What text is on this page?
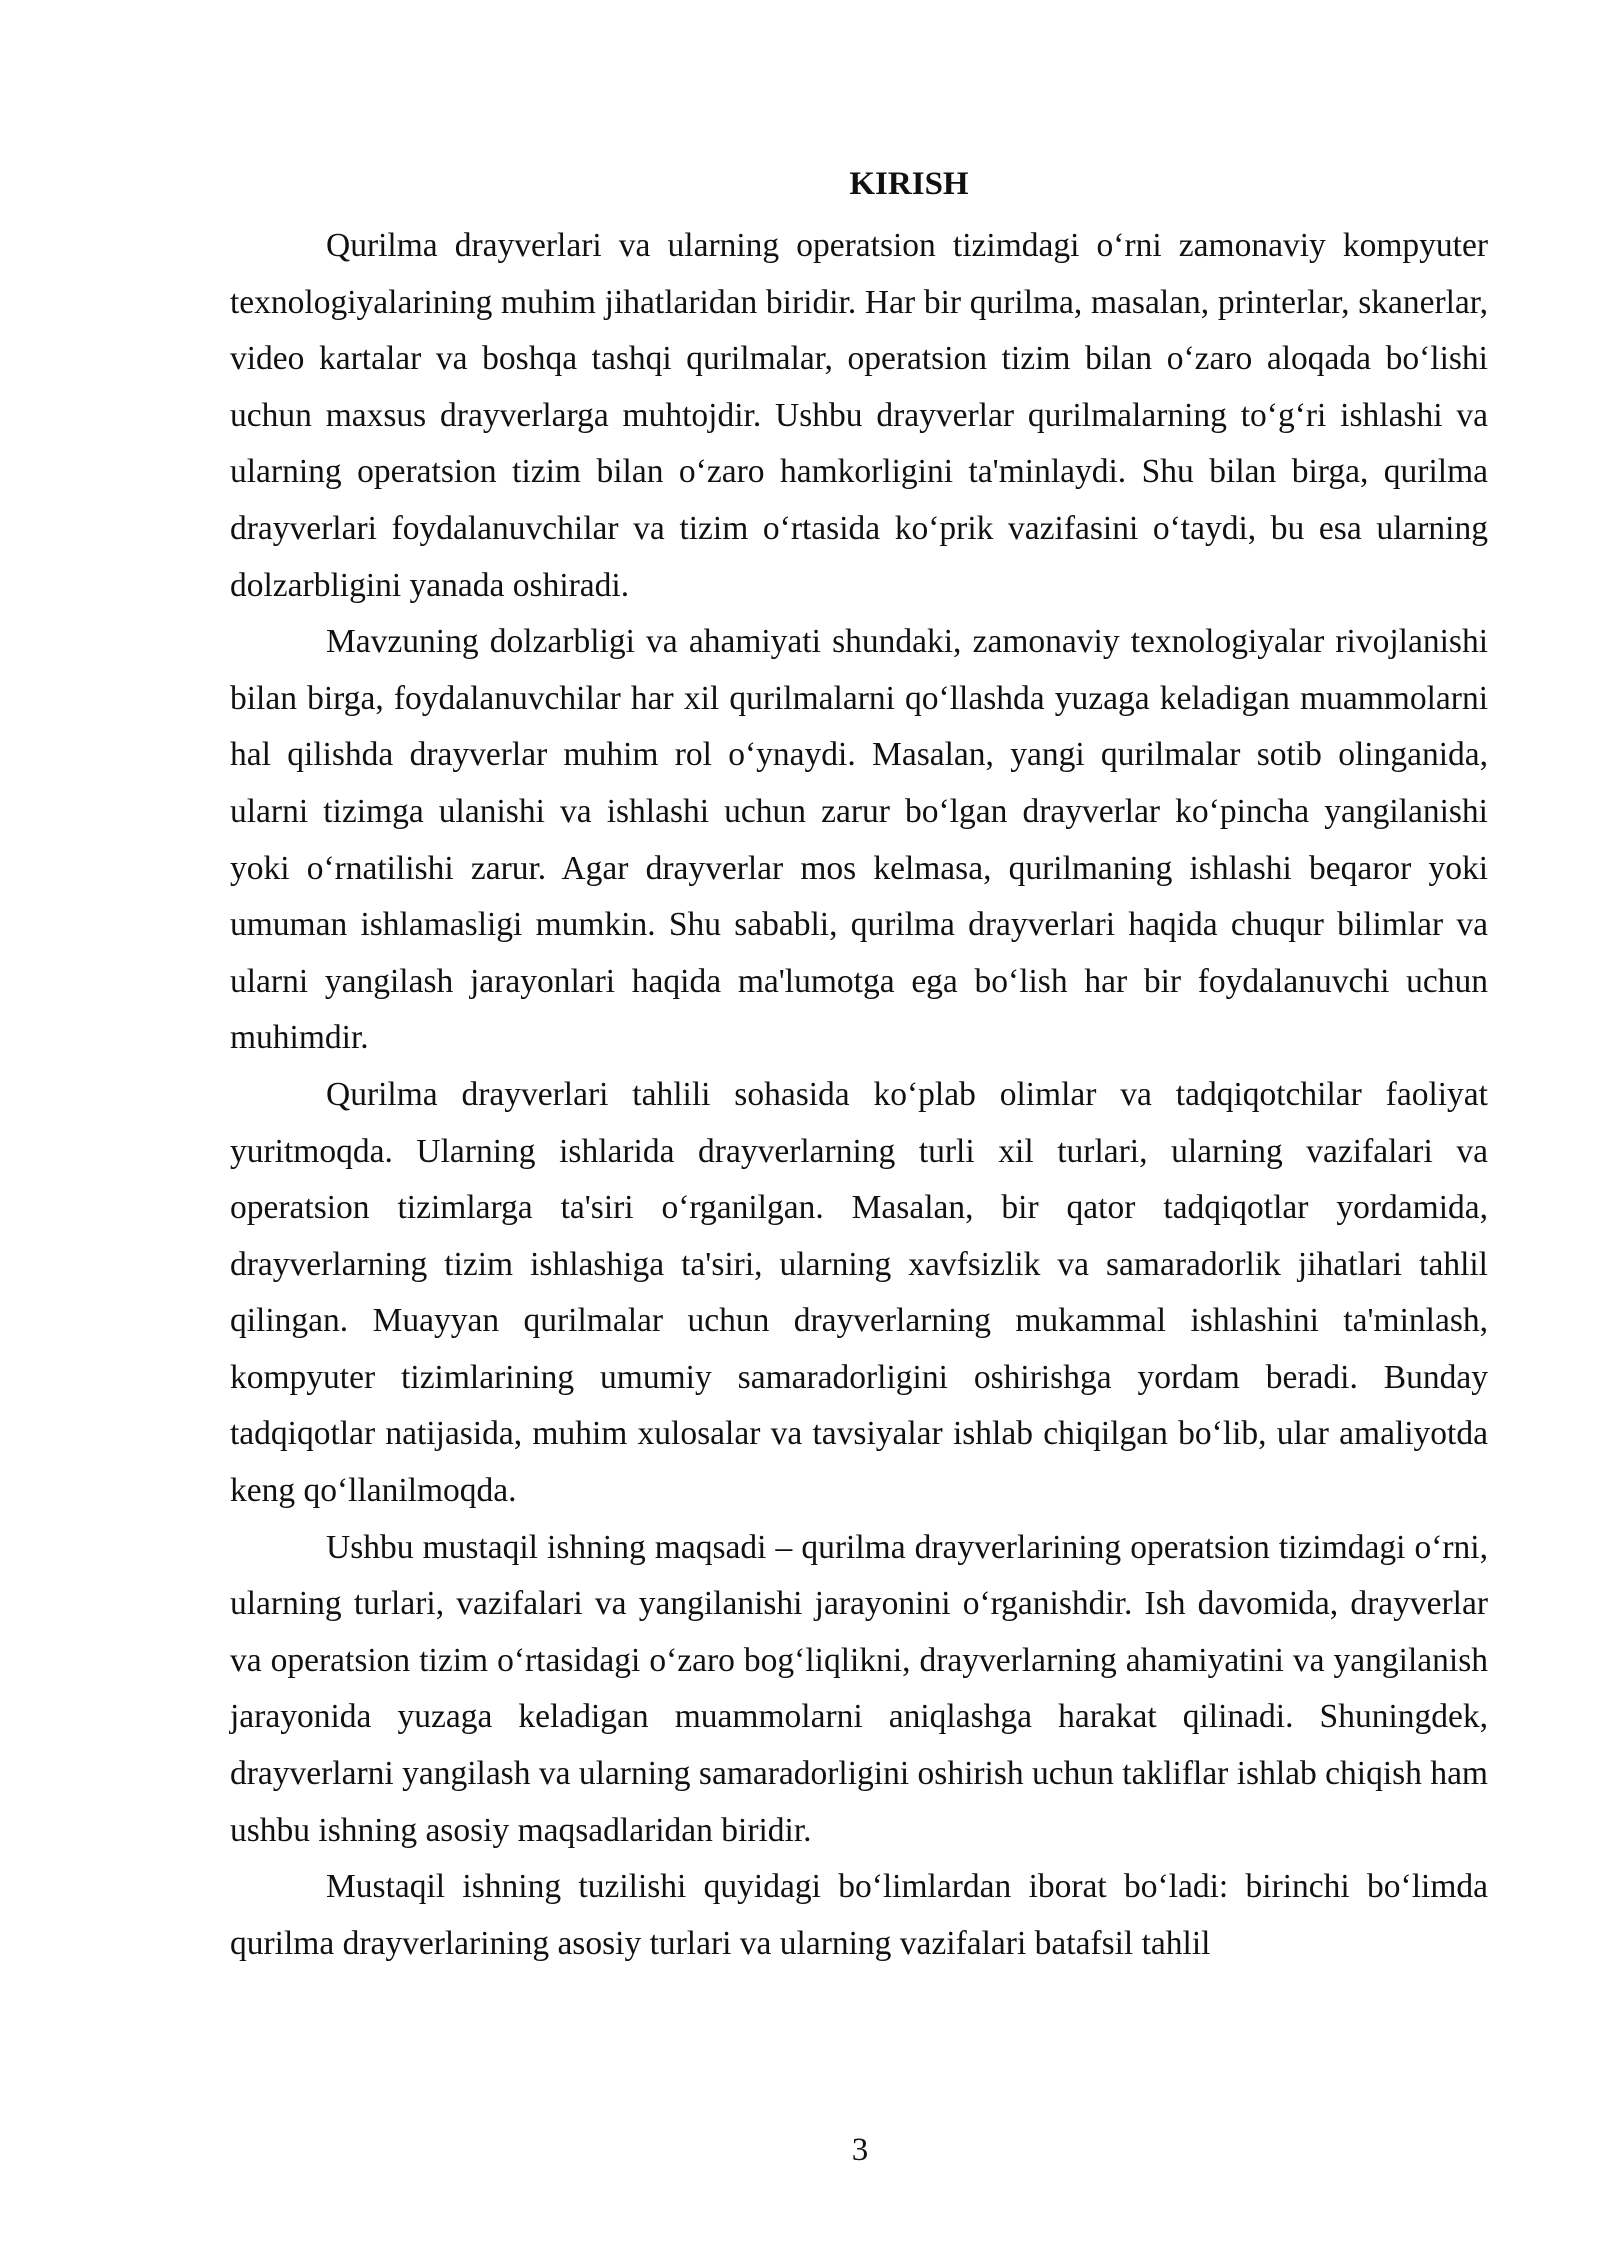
KIRISH

Qurilma drayverlari va ularning operatsion tizimdagi o‘rni zamonaviy kompyuter texnologiyalarining muhim jihatlaridan biridir. Har bir qurilma, masalan, printerlar, skanerlar, video kartalar va boshqa tashqi qurilmalar, operatsion tizim bilan o‘zaro aloqada bo‘lishi uchun maxsus drayverlarga muhtojdir. Ushbu drayverlar qurilmalarning to‘g‘ri ishlashi va ularning operatsion tizim bilan o‘zaro hamkorligini ta'minlaydi. Shu bilan birga, qurilma drayverlari foydalanuvchilar va tizim o‘rtasida ko‘prik vazifasini o‘taydi, bu esa ularning dolzarbligini yanada oshiradi.

Mavzuning dolzarbligi va ahamiyati shundaki, zamonaviy texnologiyalar rivojlanishi bilan birga, foydalanuvchilar har xil qurilmalarni qo‘llashda yuzaga keladigan muammolarni hal qilishda drayverlar muhim rol o‘ynaydi. Masalan, yangi qurilmalar sotib olinganida, ularni tizimga ulanishi va ishlashi uchun zarur bo‘lgan drayverlar ko‘pincha yangilanishi yoki o‘rnatilishi zarur. Agar drayverlar mos kelmasa, qurilmaning ishlashi beqaror yoki umuman ishlamasligi mumkin. Shu sababli, qurilma drayverlari haqida chuqur bilimlar va ularni yangilash jarayonlari haqida ma'lumotga ega bo‘lish har bir foydalanuvchi uchun muhimdir.

Qurilma drayverlari tahlili sohasida ko‘plab olimlar va tadqiqotchilar faoliyat yuritmoqda. Ularning ishlarida drayverlarning turli xil turlari, ularning vazifalari va operatsion tizimlarga ta'siri o‘rganilgan. Masalan, bir qator tadqiqotlar yordamida, drayverlarning tizim ishlashiga ta'siri, ularning xavfsizlik va samaradorlik jihatlari tahlil qilingan. Muayyan qurilmalar uchun drayverlarning mukammal ishlashini ta'minlash, kompyuter tizimlarining umumiy samaradorligini oshirishga yordam beradi. Bunday tadqiqotlar natijasida, muhim xulosalar va tavsiyalar ishlab chiqilgan bo‘lib, ular amaliyotda keng qo‘llanilmoqda.

Ushbu mustaqil ishning maqsadi – qurilma drayverlarining operatsion tizimdagi o‘rni, ularning turlari, vazifalari va yangilanishi jarayonini o‘rganishdir. Ish davomida, drayverlar va operatsion tizim o‘rtasidagi o‘zaro bog‘liqlikni, drayverlarning ahamiyatini va yangilanish jarayonida yuzaga keladigan muammolarni aniqlashga harakat qilinadi. Shuningdek, drayverlarni yangilash va ularning samaradorligini oshirish uchun takliflar ishlab chiqish ham ushbu ishning asosiy maqsadlaridan biridir.

Mustaqil ishning tuzilishi quyidagi bo‘limlardan iborat bo‘ladi: birinchi bo‘limda qurilma drayverlarining asosiy turlari va ularning vazifalari batafsil tahlil

3
